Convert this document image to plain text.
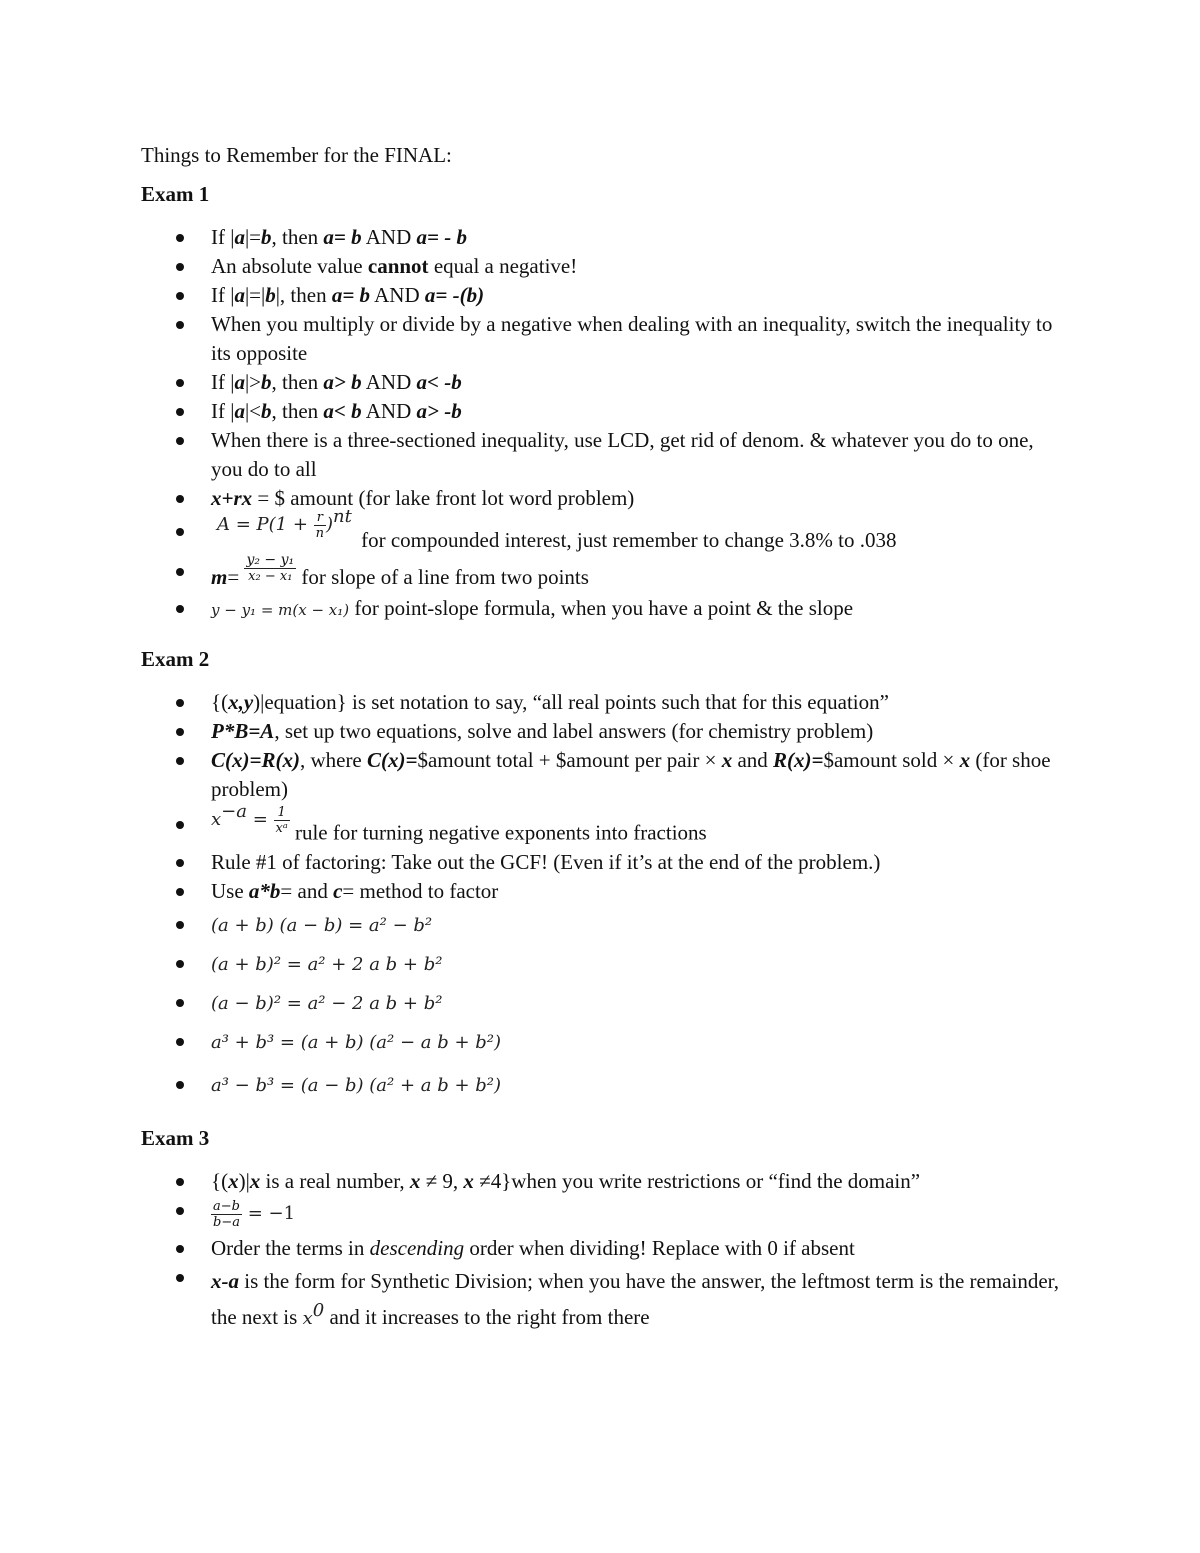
Things to Remember for the FINAL:

Exam 1

If |a|=b, then a= b AND a= - b
An absolute value cannot equal a negative!
If |a|=|b|, then a= b AND a= -(b)
When you multiply or divide by a negative when dealing with an inequality, switch the inequality to its opposite
If |a|>b, then a> b AND a< -b
If |a|<b, then a< b AND a> -b
When there is a three-sectioned inequality, use LCD, get rid of denom. & whatever you do to one, you do to all
x+rx = $ amount (for lake front lot word problem)
$A = P(1 + \frac{r}{n} )^{nt}$ for compounded interest, just remember to change 3.8% to .038
$m= \frac{\text{y₂ − y₁}}{\text{x₂ − x₁}}$ for slope of a line from two points
y − y₁ = m(x − x₁) for point-slope formula, when you have a point & the slope

Exam 2

{(x,y)|equation} is set notation to say, “all real points such that for this equation”
P*B=A, set up two equations, solve and label answers (for chemistry problem)
C(x)=R(x), where C(x)=$amount total + $amount per pair × x and R(x)=$amount sold × x (for shoe problem)
$x^{-a} = \frac{1}{\text{xᵃ}}$ rule for turning negative exponents into fractions
Rule #1 of factoring: Take out the GCF! (Even if it’s at the end of the problem.)
Use a*b= and c= method to factor
(a + b) (a − b) = a² − b²
(a + b)² = a² + 2 a b + b²
(a − b)² = a² − 2 a b + b²
a³ + b³ = (a + b) (a² − a b + b²)
a³ − b³ = (a − b) (a² + a b + b²)

Exam 3

{(x)|x is a real number, x ≠ 9, x ≠4}when you write restrictions or “find the domain”
$\frac{a-b}{b-a} = -1$
Order the terms in descending order when dividing! Replace with 0 if absent
x-a is the form for Synthetic Division; when you have the answer, the leftmost term is the remainder, the next is $x^0$ and it increases to the right from there
